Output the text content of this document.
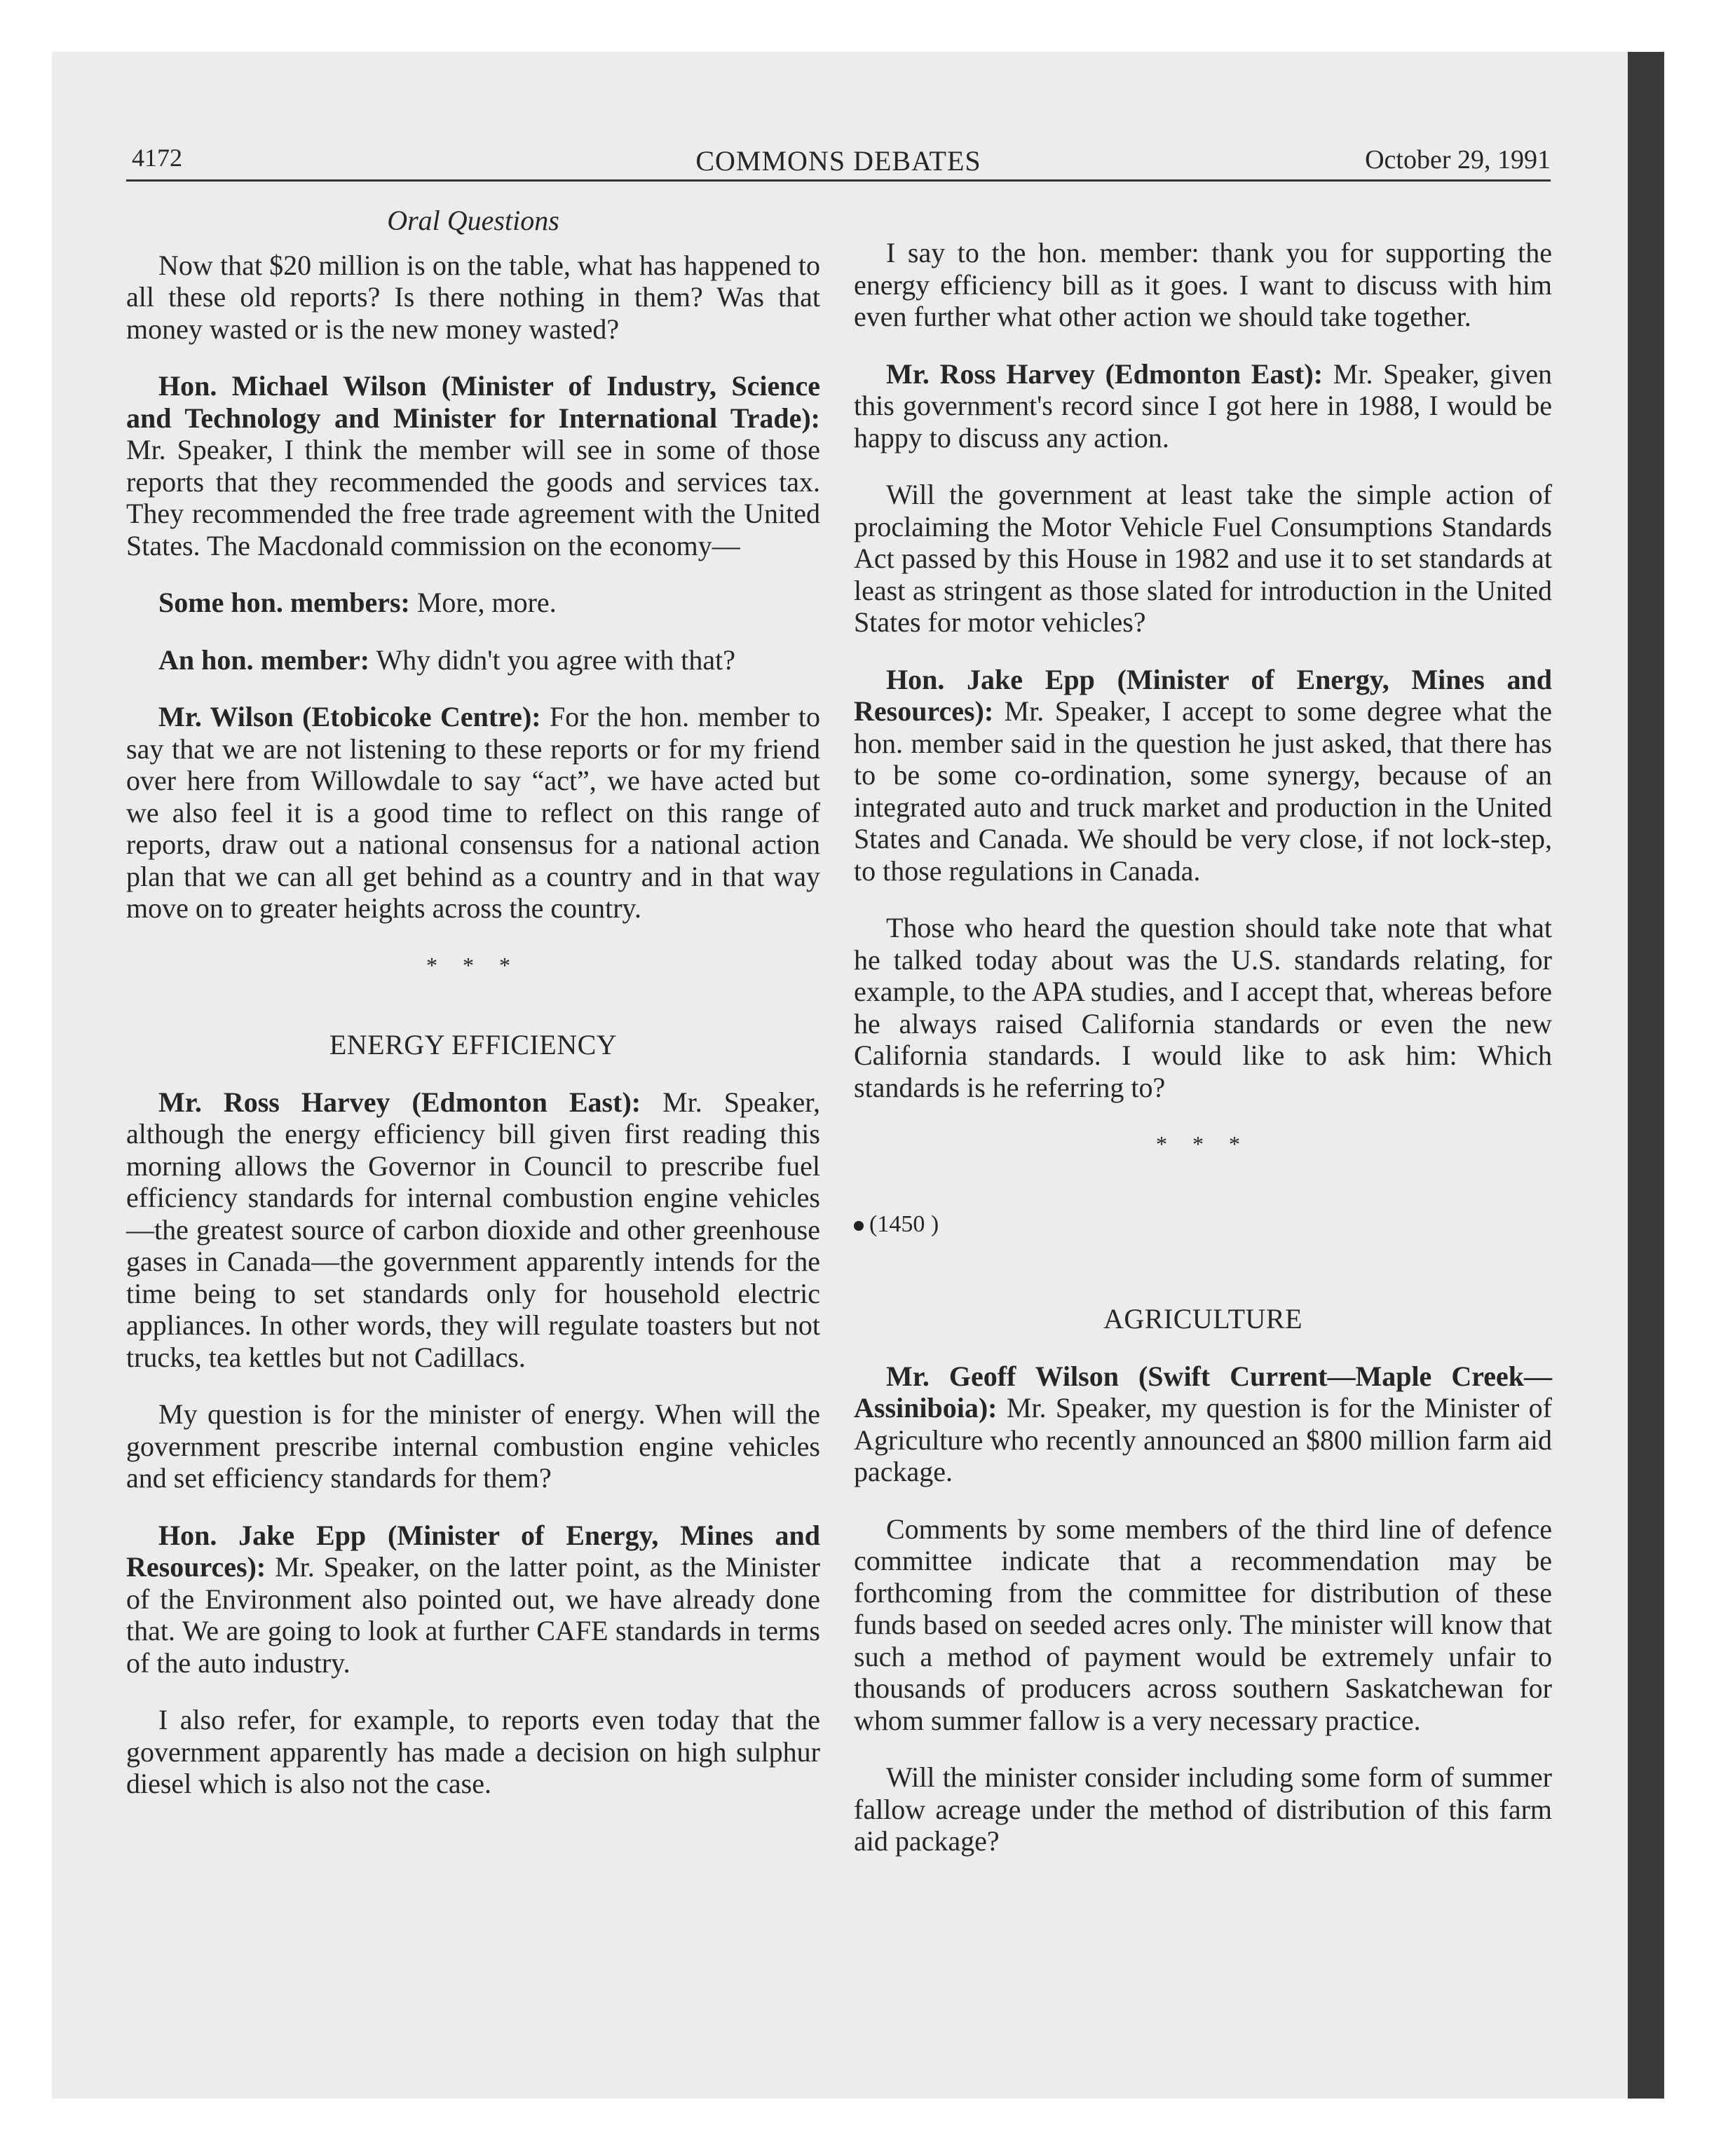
4172	COMMONS DEBATES	October 29, 1991
Oral Questions

Now that $20 million is on the table, what has happened to all these old reports? Is there nothing in them? Was that money wasted or is the new money wasted?

Hon. Michael Wilson (Minister of Industry, Science and Technology and Minister for International Trade): Mr. Speaker, I think the member will see in some of those reports that they recommended the goods and services tax. They recommended the free trade agreement with the United States. The Macdonald commission on the economy—

Some hon. members: More, more.

An hon. member: Why didn't you agree with that?

Mr. Wilson (Etobicoke Centre): For the hon. member to say that we are not listening to these reports or for my friend over here from Willowdale to say “act”, we have acted but we also feel it is a good time to reflect on this range of reports, draw out a national consensus for a national action plan that we can all get behind as a country and in that way move on to greater heights across the country.

* * *
ENERGY EFFICIENCY

Mr. Ross Harvey (Edmonton East): Mr. Speaker, although the energy efficiency bill given first reading this morning allows the Governor in Council to prescribe fuel efficiency standards for internal combustion engine vehicles—the greatest source of carbon dioxide and other greenhouse gases in Canada—the government apparently intends for the time being to set standards only for household electric appliances. In other words, they will regulate toasters but not trucks, tea kettles but not Cadillacs.

My question is for the minister of energy. When will the government prescribe internal combustion engine vehicles and set efficiency standards for them?

Hon. Jake Epp (Minister of Energy, Mines and Resources): Mr. Speaker, on the latter point, as the Minister of the Environment also pointed out, we have already done that. We are going to look at further CAFE standards in terms of the auto industry.

I also refer, for example, to reports even today that the government apparently has made a decision on high sulphur diesel which is also not the case.

I say to the hon. member: thank you for supporting the energy efficiency bill as it goes. I want to discuss with him even further what other action we should take together.

Mr. Ross Harvey (Edmonton East): Mr. Speaker, given this government's record since I got here in 1988, I would be happy to discuss any action.

Will the government at least take the simple action of proclaiming the Motor Vehicle Fuel Consumptions Standards Act passed by this House in 1982 and use it to set standards at least as stringent as those slated for introduction in the United States for motor vehicles?

Hon. Jake Epp (Minister of Energy, Mines and Resources): Mr. Speaker, I accept to some degree what the hon. member said in the question he just asked, that there has to be some co-ordination, some synergy, because of an integrated auto and truck market and production in the United States and Canada. We should be very close, if not lock-step, to those regulations in Canada.

Those who heard the question should take note that what he talked today about was the U.S. standards relating, for example, to the APA studies, and I accept that, whereas before he always raised California standards or even the new California standards. I would like to ask him: Which standards is he referring to?

* * *
(1450 )
AGRICULTURE

Mr. Geoff Wilson (Swift Current—Maple Creek—Assiniboia): Mr. Speaker, my question is for the Minister of Agriculture who recently announced an $800 million farm aid package.

Comments by some members of the third line of defence committee indicate that a recommendation may be forthcoming from the committee for distribution of these funds based on seeded acres only. The minister will know that such a method of payment would be extremely unfair to thousands of producers across southern Saskatchewan for whom summer fallow is a very necessary practice.

Will the minister consider including some form of summer fallow acreage under the method of distribution of this farm aid package?
